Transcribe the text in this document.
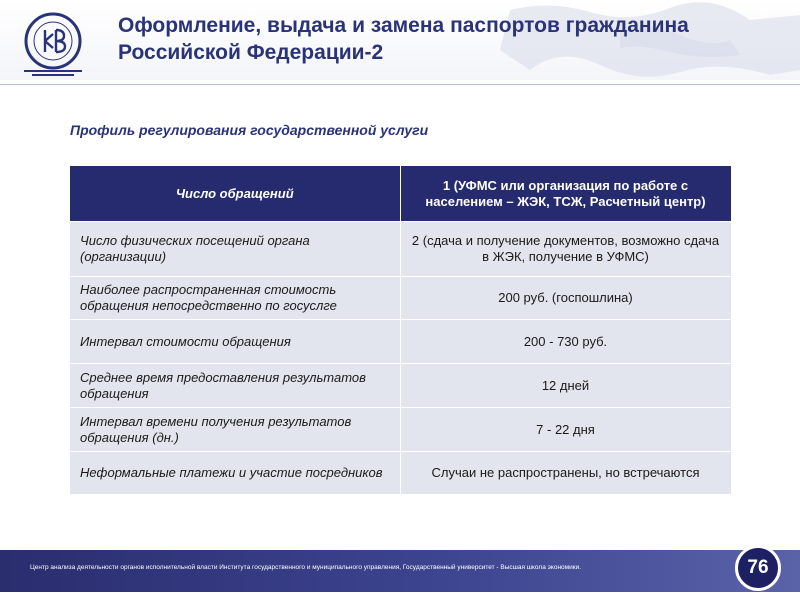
Оформление, выдача и замена паспортов гражданина
Российской Федерации-2
Профиль регулирования государственной услуги
Число обращений	1 (УФМС или организация по работе с населением – ЖЭК, ТСЖ, Расчетный центр)
Число физических посещений органа (организации)	2 (сдача и получение документов, возможно сдача в ЖЭК, получение в УФМС)
Наиболее распространенная стоимость обращения непосредственно по госуслге	200 руб. (госпошлина)
Интервал стоимости обращения	200 - 730 руб.
Среднее время предоставления результатов обращения	12 дней
Интервал времени получения результатов обращения (дн.)	7 - 22 дня
Неформальные платежи и участие посредников	Случаи не распространены, но встречаются
Центр анализа деятельности органов исполнительной власти Института государственного и муниципального управления, Государственный университет - Высшая школа экономики.	76
